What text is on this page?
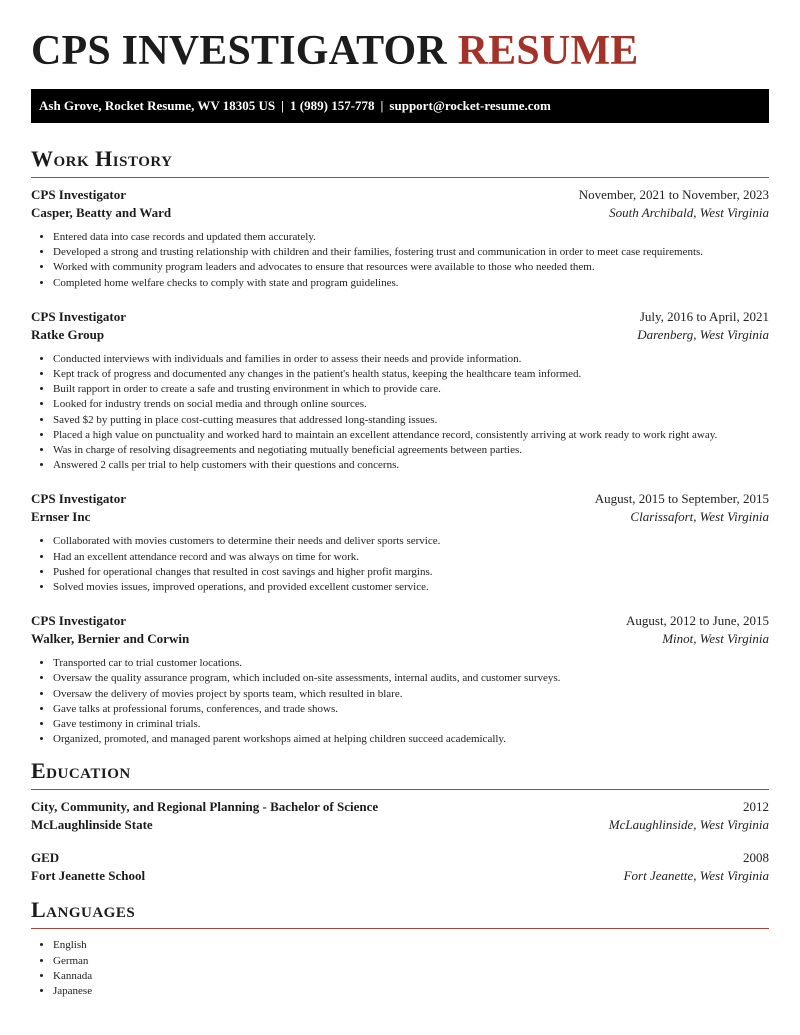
CPS INVESTIGATOR RESUME
Ash Grove, Rocket Resume, WV 18305 US | 1 (989) 157-778 | support@rocket-resume.com
Work History
CPS Investigator	November, 2021 to November, 2023
Casper, Beatty and Ward	South Archibald, West Virginia
• Entered data into case records and updated them accurately.
• Developed a strong and trusting relationship with children and their families, fostering trust and communication in order to meet case requirements.
• Worked with community program leaders and advocates to ensure that resources were available to those who needed them.
• Completed home welfare checks to comply with state and program guidelines.
CPS Investigator	July, 2016 to April, 2021
Ratke Group	Darenberg, West Virginia
• Conducted interviews with individuals and families in order to assess their needs and provide information.
• Kept track of progress and documented any changes in the patient's health status, keeping the healthcare team informed.
• Built rapport in order to create a safe and trusting environment in which to provide care.
• Looked for industry trends on social media and through online sources.
• Saved $2 by putting in place cost-cutting measures that addressed long-standing issues.
• Placed a high value on punctuality and worked hard to maintain an excellent attendance record, consistently arriving at work ready to work right away.
• Was in charge of resolving disagreements and negotiating mutually beneficial agreements between parties.
• Answered 2 calls per trial to help customers with their questions and concerns.
CPS Investigator	August, 2015 to September, 2015
Ernser Inc	Clarissafort, West Virginia
• Collaborated with movies customers to determine their needs and deliver sports service.
• Had an excellent attendance record and was always on time for work.
• Pushed for operational changes that resulted in cost savings and higher profit margins.
• Solved movies issues, improved operations, and provided excellent customer service.
CPS Investigator	August, 2012 to June, 2015
Walker, Bernier and Corwin	Minot, West Virginia
• Transported car to trial customer locations.
• Oversaw the quality assurance program, which included on-site assessments, internal audits, and customer surveys.
• Oversaw the delivery of movies project by sports team, which resulted in blare.
• Gave talks at professional forums, conferences, and trade shows.
• Gave testimony in criminal trials.
• Organized, promoted, and managed parent workshops aimed at helping children succeed academically.
Education
City, Community, and Regional Planning - Bachelor of Science	2012
McLaughlinside State	McLaughlinside, West Virginia
GED	2008
Fort Jeanette School	Fort Jeanette, West Virginia
Languages
• English
• German
• Kannada
• Japanese
